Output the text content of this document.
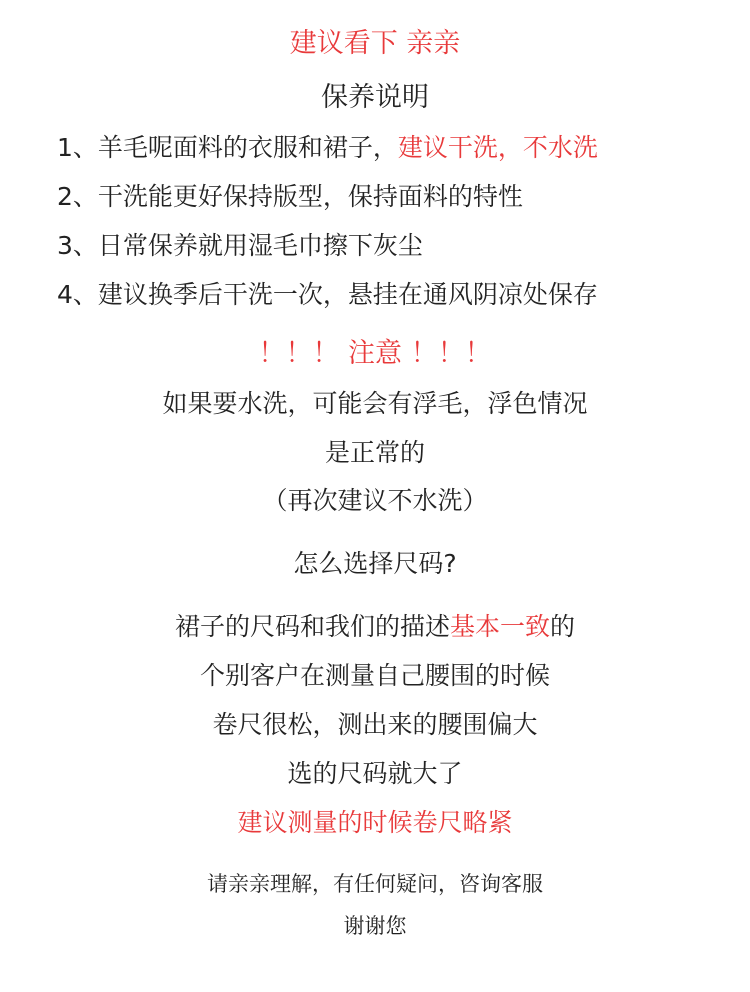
建议看下 亲亲
保养说明
1、羊毛呢面料的衣服和裙子，建议干洗，不水洗
2、干洗能更好保持版型，保持面料的特性
3、日常保养就用湿毛巾擦下灰尘
4、建议换季后干洗一次，悬挂在通风阴凉处保存
！！！ 注意 ！！！
如果要水洗，可能会有浮毛，浮色情况
是正常的
（再次建议不水洗）
怎么选择尺码?
裙子的尺码和我们的描述基本一致的
个别客户在测量自己腰围的时候
卷尺很松，测出来的腰围偏大
选的尺码就大了
建议测量的时候卷尺略紧
请亲亲理解，有任何疑问，咨询客服
谢谢您
